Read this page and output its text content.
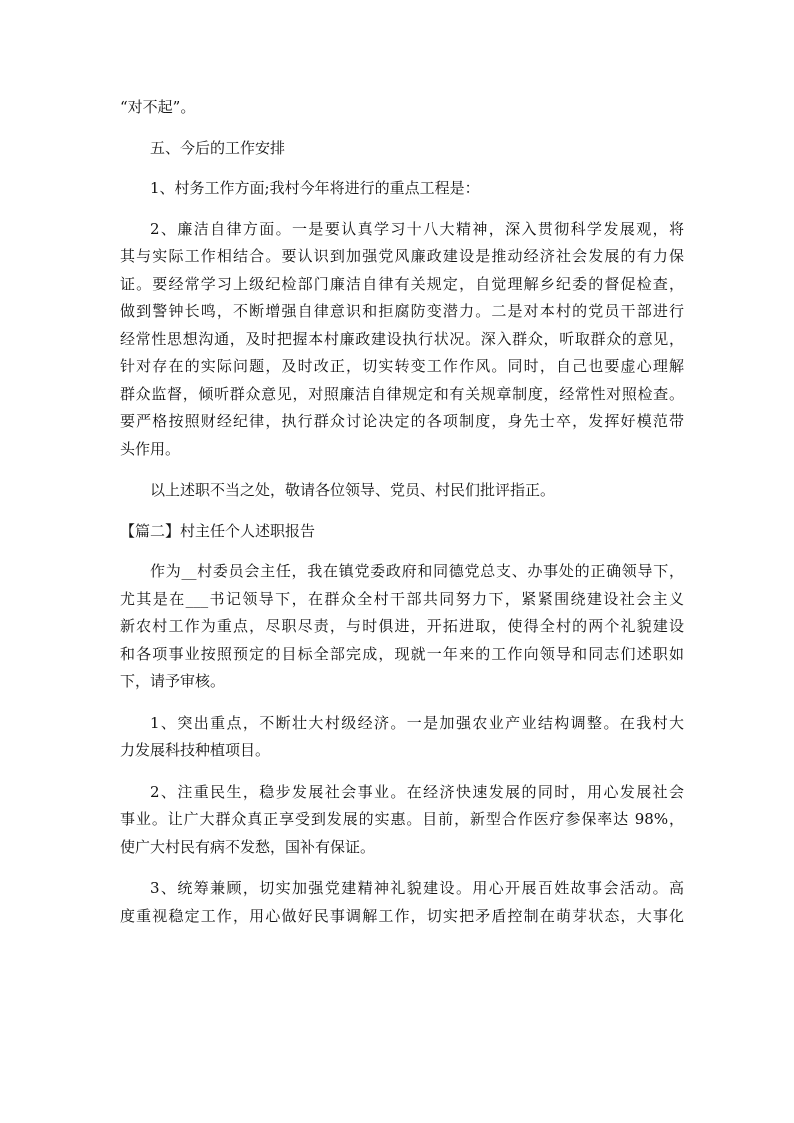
“对不起”。

五、今后的工作安排

1、村务工作方面;我村今年将进行的重点工程是：

2、廉洁自律方面。一是要认真学习十八大精神，深入贯彻科学发展观，将
其与实际工作相结合。要认识到加强党风廉政建设是推动经济社会发展的有力保
证。要经常学习上级纪检部门廉洁自律有关规定，自觉理解乡纪委的督促检查，
做到警钟长鸣，不断增强自律意识和拒腐防变潜力。二是对本村的党员干部进行
经常性思想沟通，及时把握本村廉政建设执行状况。深入群众，听取群众的意见，
针对存在的实际问题，及时改正，切实转变工作作风。同时，自己也要虚心理解
群众监督，倾听群众意见，对照廉洁自律规定和有关规章制度，经常性对照检查。
要严格按照财经纪律，执行群众讨论决定的各项制度，身先士卒，发挥好模范带
头作用。

以上述职不当之处，敬请各位领导、党员、村民们批评指正。

【篇二】村主任个人述职报告

作为__村委员会主任，我在镇党委政府和同德党总支、办事处的正确领导下，
尤其是在___书记领导下，在群众全村干部共同努力下，紧紧围绕建设社会主义
新农村工作为重点，尽职尽责，与时俱进，开拓进取，使得全村的两个礼貌建设
和各项事业按照预定的目标全部完成，现就一年来的工作向领导和同志们述职如
下，请予审核。

1、突出重点，不断壮大村级经济。一是加强农业产业结构调整。在我村大
力发展科技种植项目。

2、注重民生，稳步发展社会事业。在经济快速发展的同时，用心发展社会
事业。让广大群众真正享受到发展的实惠。目前，新型合作医疗参保率达 98%，
使广大村民有病不发愁，国补有保证。

3、统筹兼顾，切实加强党建精神礼貌建设。用心开展百姓故事会活动。高
度重视稳定工作，用心做好民事调解工作，切实把矛盾控制在萌芽状态，大事化
